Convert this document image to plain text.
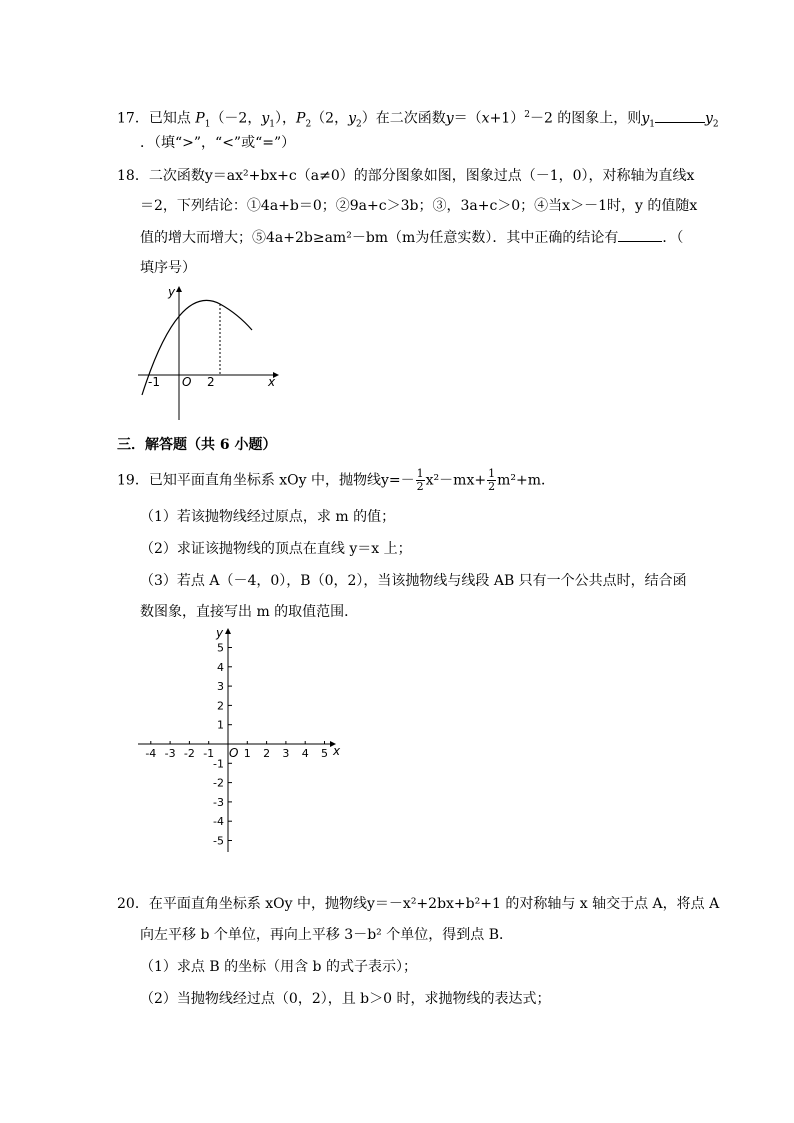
17．已知点 $P_1(-2$，$y_1$），$P_2(2$，$y_2$）在二次函数$y=(x+1)^2-2$ 的图象上，则$y_1$	$y_2$
．（填“>”，“<”或“=”）
18．二次函数y＝ax²+bx+c（a≠0）的部分图象如图，图象过点（－1，0），对称轴为直线x
＝2，下列结论：①4a+b＝0；②9a+c＞3b；③，3a+c＞0；④当x＞－1时，y 的值随x
值的增大而增大；⑤4a+2b≥am²－bm（m为任意实数）．其中正确的结论有	．（
填序号）
y
x
O
-1	2
三．解答题（共 6 小题）
19．已知平面直角坐标系 xOy 中，抛物线$y=- \frac{1}{2} x^2-mx+ \frac{1}{2} m^2+m$．
（1）若该抛物线经过原点，求 m 的值；
（2）求证该抛物线的顶点在直线 y＝x 上；
（3）若点 A（－4，0），B（0，2），当该抛物线与线段 AB 只有一个公共点时，结合函
数图象，直接写出 m 的取值范围．
y
x
O
-4 -3 -2 -1	1 2 3 4 5
5
4
3
2
1
-1
-2
-3
-4
-5
20．在平面直角坐标系 xOy 中，抛物线y＝－x²+2bx+b²+1 的对称轴与 x 轴交于点 A，将点 A
向左平移 b 个单位，再向上平移 3－b² 个单位，得到点 B．
（1）求点 B 的坐标（用含 b 的式子表示）；
（2）当抛物线经过点（0，2），且 b＞0 时，求抛物线的表达式；
